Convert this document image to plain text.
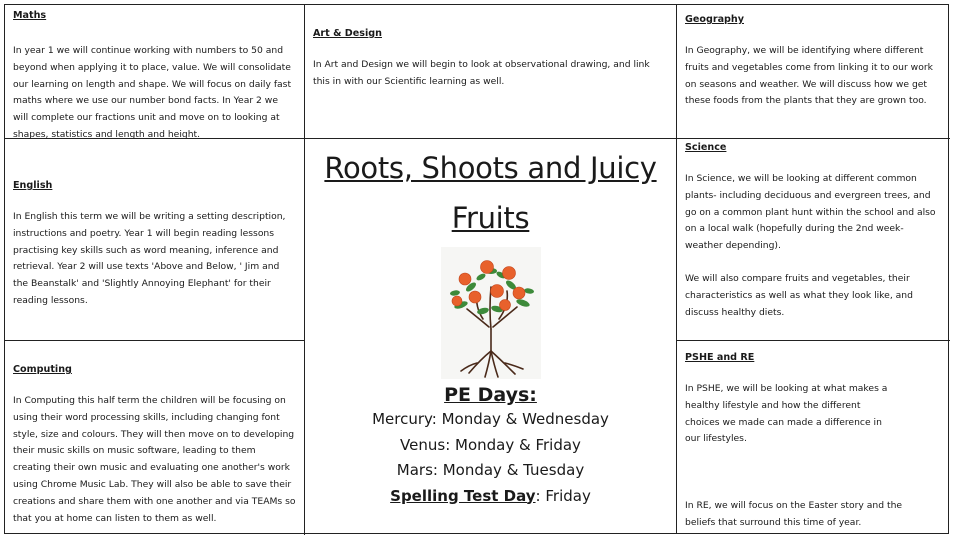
Maths

In year 1 we will continue working with numbers to 50 and beyond when applying it to place, value. We will consolidate our learning on length and shape. We will focus on daily fast maths where we use our number bond facts. In Year 2 we will complete our fractions unit and move on to looking at shapes, statistics and length and height.

Art & Design

In Art and Design we will begin to look at observational drawing, and link this in with our Scientific learning as well.

Geography

In Geography, we will be identifying where different fruits and vegetables come from linking it to our work on seasons and weather. We will discuss how we get these foods from the plants that they are grown too.

English

In English this term we will be writing a setting description, instructions and poetry. Year 1 will begin reading lessons practising key skills such as word meaning, inference and retrieval. Year 2 will use texts 'Above and Below, ' Jim and the Beanstalk' and 'Slightly Annoying Elephant' for their reading lessons.

Computing

In Computing this half term the children will be focusing on using their word processing skills, including changing font style, size and colours. They will then move on to developing their music skills on music software, leading to them creating their own music and evaluating one another's work using Chrome Music Lab. They will also be able to save their creations and share them with one another and via TEAMs so that you at home can listen to them as well.

Science

In Science, we will be looking at different common plants- including deciduous and evergreen trees, and go on a common plant hunt within the school and also on a local walk (hopefully during the 2nd week- weather depending).

We will also compare fruits and vegetables, their characteristics as well as what they look like, and discuss healthy diets.

PSHE and RE

In PSHE, we will be looking at what makes a healthy lifestyle and how the different choices we made can made a difference in our lifestyles.

In RE, we will focus on the Easter story and the beliefs that surround this time of year.

Roots, Shoots and Juicy
Fruits
PE Days:
Mercury: Monday & Wednesday
Venus: Monday & Friday
Mars: Monday & Tuesday
Spelling Test Day: Friday
